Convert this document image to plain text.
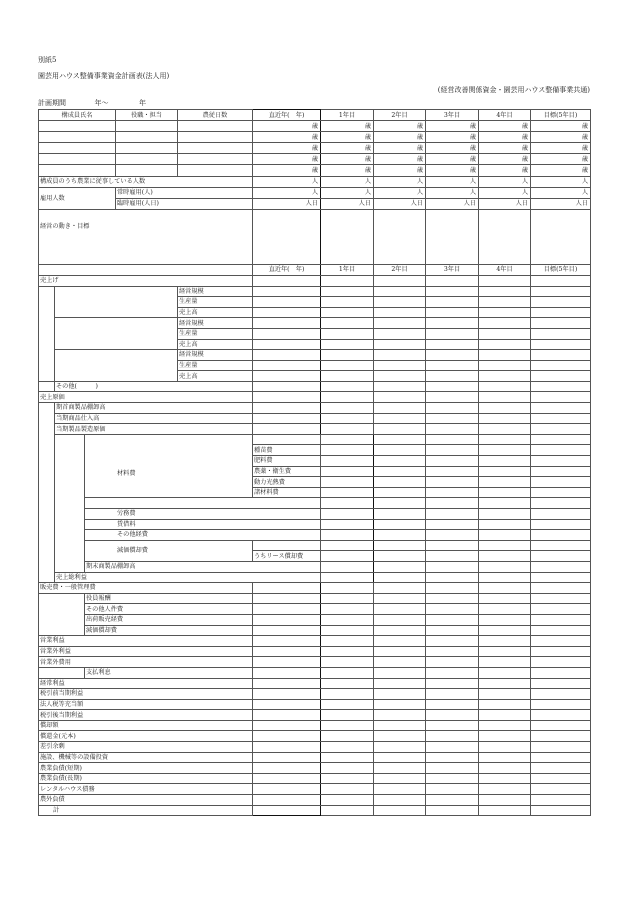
別紙5
園芸用ハウス整備事業資金計画表(法人用)
(経営改善関係資金・園芸用ハウス整備事業共通)
計画期間	年～	年
構成員氏名			役職・担当	農従日数	直近年(　年)	1年目	2年目	3年目	4年目	目標(5年目)	
					歳	歳	歳	歳	歳	歳	
					歳	歳	歳	歳	歳	歳	
					歳	歳	歳	歳	歳	歳	
					歳	歳	歳	歳	歳	歳	
					歳	歳	歳	歳	歳	歳	
構成員のうち農業に従事している人数					人	人	人	人	人	人	
雇用人数			常時雇用(人)		人	人	人	人	人	人	
			臨時雇用(人日)		人日	人日	人日	人日	人日	人日	
経営の動き・目標											
					直近年(　年)	1年目	2年目	3年目	4年目	目標(5年目)	
売上げ											
				経営規模							
				生産量							
				売上高							
				経営規模							
				生産量							
				売上高							
				経営規模							
				生産量							
				売上高							
	その他(　　　)										
売上原価											
	期首商製品棚卸高										
	当期商品仕入高										
	当期製品製造原価										
		材料費									
					種苗費						
					肥料費						
					農薬・衛生費						
					動力光熱費						
					諸材料費						

		労務費									
		賃借料									
		その他経費									
		減価償却費									
					うちリース償却費						
		期末商製品棚卸高									
	売上総利益										
販売費・一般管理費											
		役員報酬									
		その他人件費									
		出荷販売経費									
		減価償却費									
営業利益											
営業外利益											
営業外費用											
		支払利息									
経常利益											
税引前当期利益											
法人税等充当額											
税引後当期利益											
償却額											
償還金(元本)											
差引余剰											
施設、機械等の設備投資											
農業負債(短期)											
農業負債(長期)											
レンタルハウス債務											
農外負債											
計											
